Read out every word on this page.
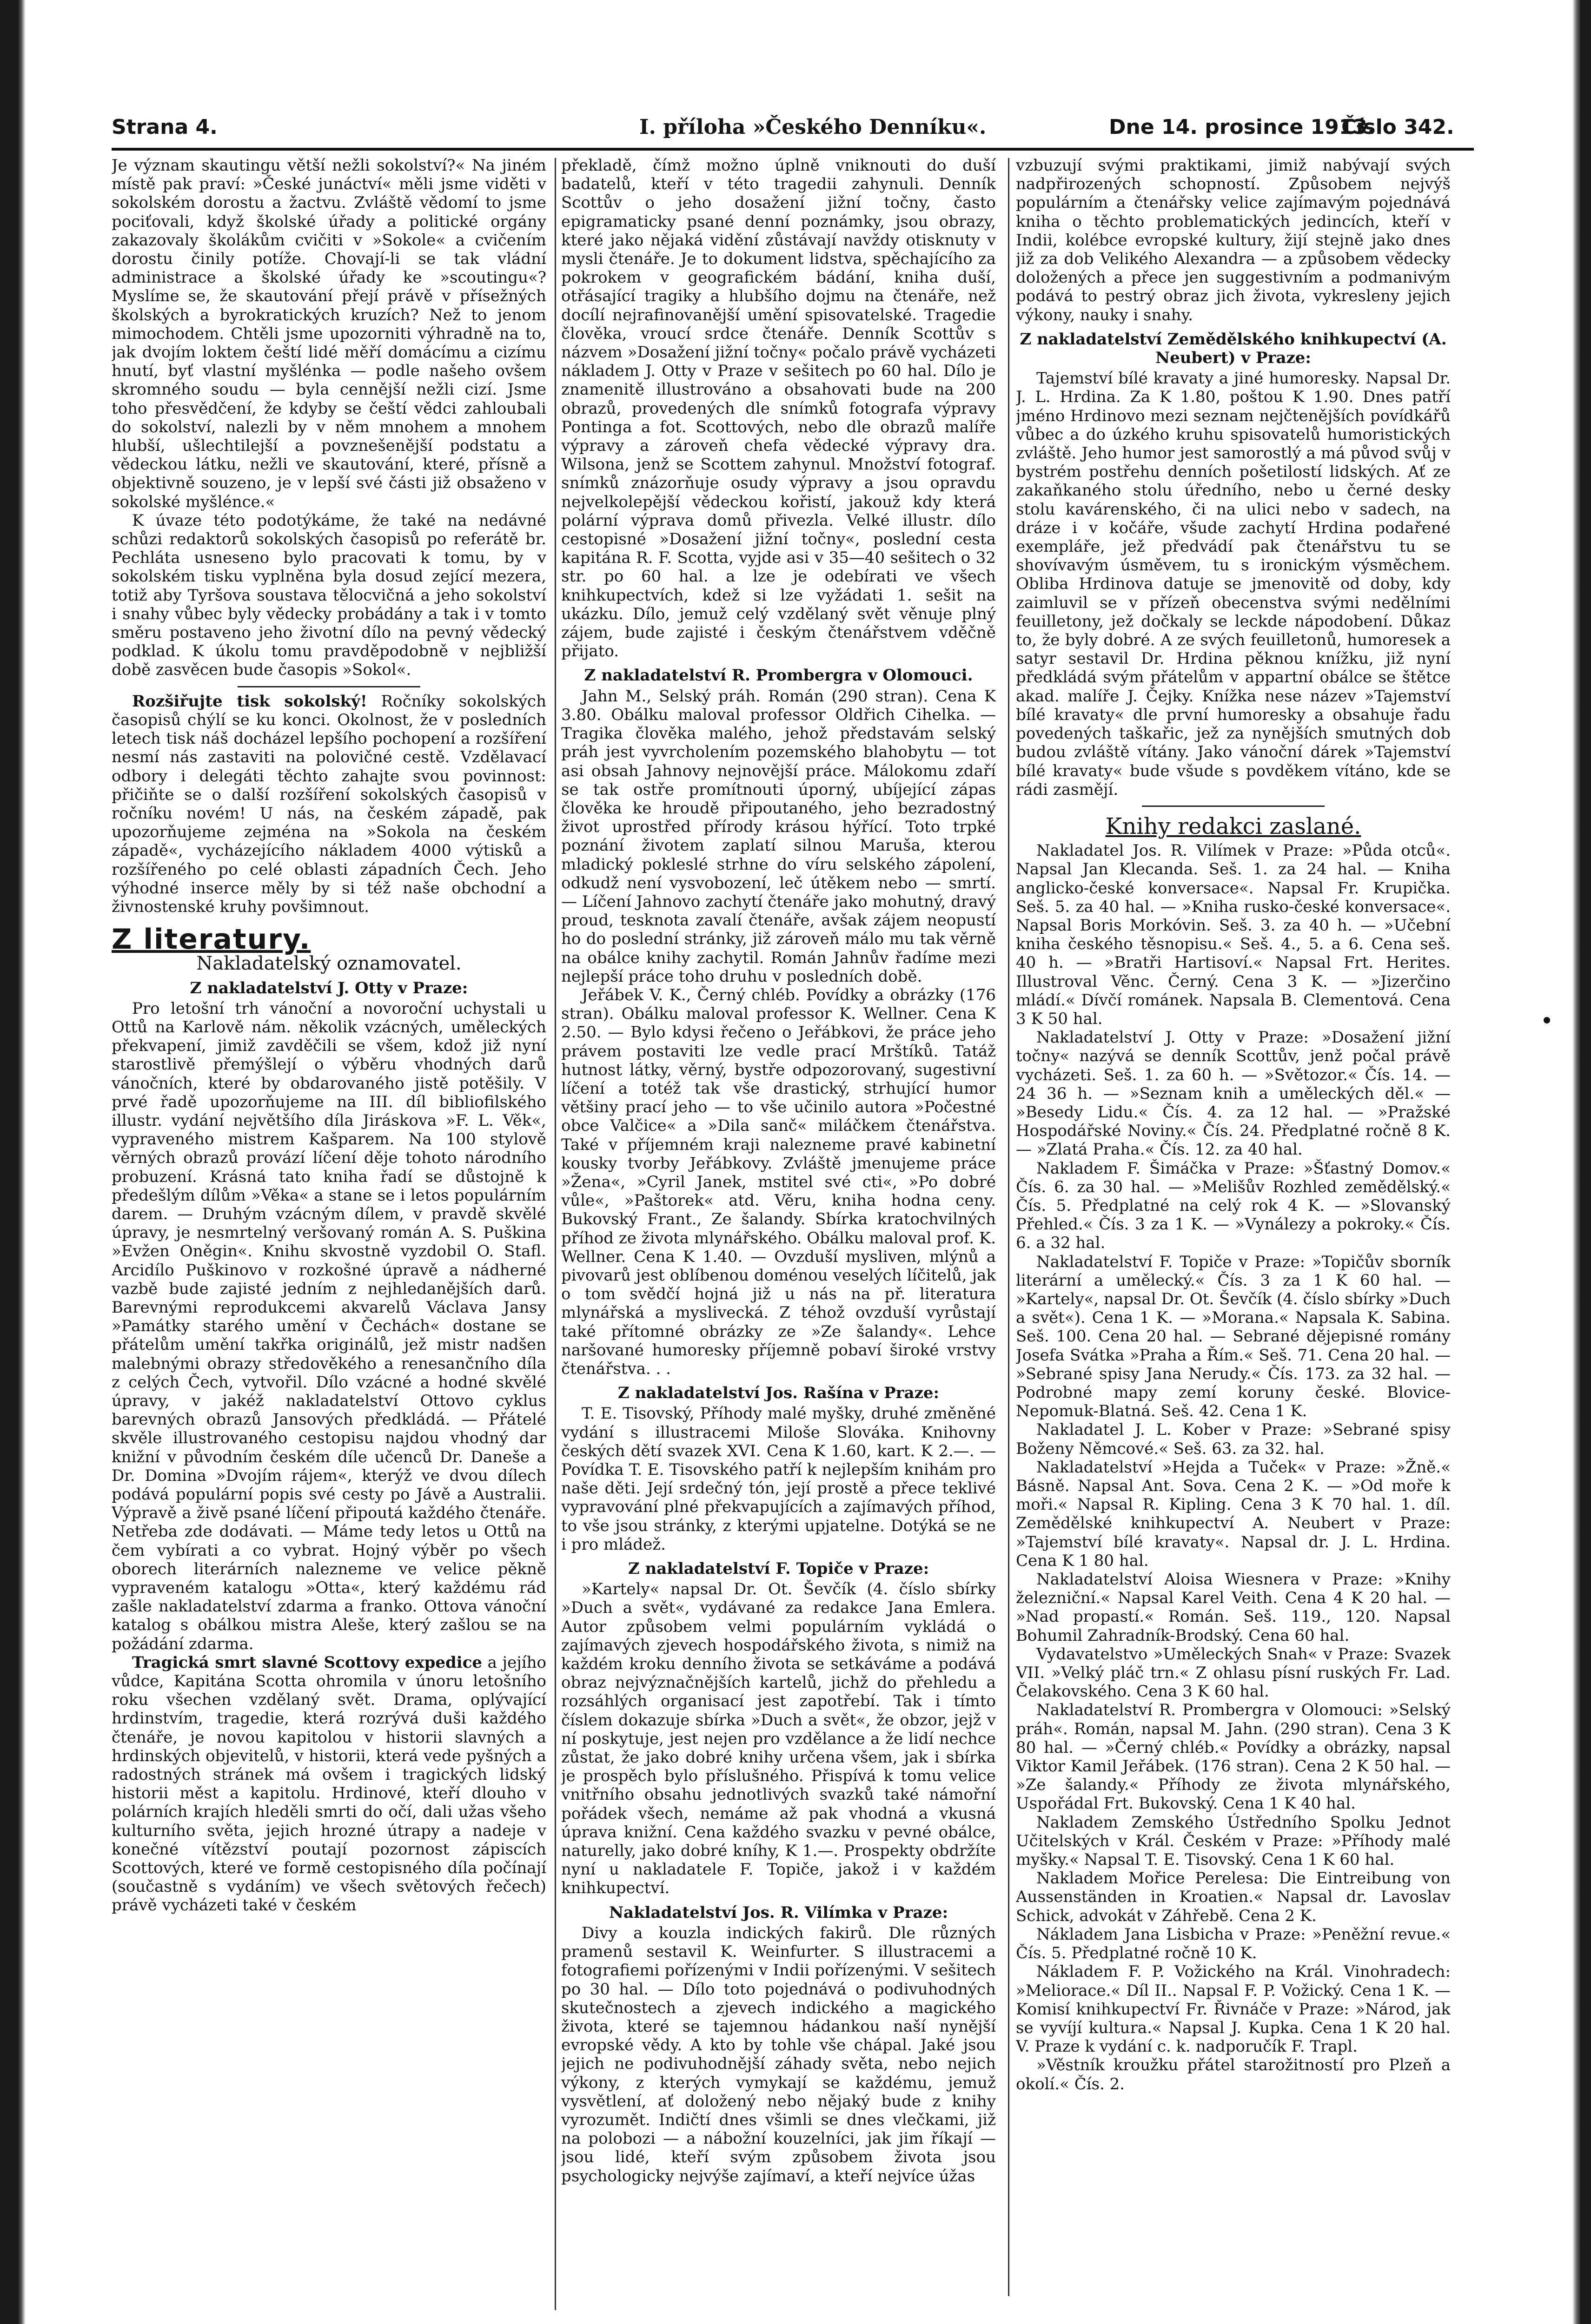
Strana 4.	I. příloha »Českého Denníku«.	Dne 14. prosince 1913.
Číslo 342.

Je význam skautingu větší nežli sokolství?« Na jiném místě pak praví: »České junáctví« měli jsme viděti v sokolském dorostu a žactvu. Zvláště vědomí to jsme pociťovali, když školské úřady a politické orgány zakazovaly školákům cvičiti v »Sokole« a cvičením dorostu činily potíže. Chovají-li se tak vládní administrace a školské úřady ke »scoutingu«? Myslíme se, že skautování přejí právě v přísežných školských a byrokratických kruzích? Než to jenom mimochodem. Chtěli jsme upozorniti výhradně na to, jak dvojím loktem čeští lidé měří domácímu a cizímu hnutí, byť vlastní myšlénka — podle našeho ovšem skromného soudu — byla cennější nežli cizí. Jsme toho přesvědčení, že kdyby se čeští vědci zahloubali do sokolství, nalezli by v něm mnohem a mnohem hlubší, ušlechtilejší a povznešenější podstatu a vědeckou látku, nežli ve skautování, které, přísně a objektivně souzeno, je v lepší své části již obsaženo v sokolské myšlénce.«

K úvaze této podotýkáme, že také na nedávné schůzi redaktorů sokolských časopisů po referátě br. Pechláta usneseno bylo pracovati k tomu, by v sokolském tisku vyplněna byla dosud zející mezera, totiž aby Tyršova soustava tělocvičná a jeho sokolství i snahy vůbec byly vědecky probádány a tak i v tomto směru postaveno jeho životní dílo na pevný vědecký podklad. K úkolu tomu pravděpodobně v nejbližší době zasvěcen bude časopis »Sokol«.

Rozšiřujte tisk sokolský! Ročníky sokolských časopisů chýlí se ku konci. Okolnost, že v posledních letech tisk náš docházel lepšího pochopení a rozšíření nesmí nás zastaviti na polovičné cestě. Vzdělavací odbory i delegáti těchto zahajte svou povinnost: přičiňte se o další rozšíření sokolských časopisů v ročníku novém! U nás, na českém západě, pak upozorňujeme zejména na »Sokola na českém západě«, vycházejícího nákladem 4000 výtisků a rozšířeného po celé oblasti západních Čech. Jeho výhodné inserce měly by si též naše obchodní a živnostenské kruhy povšimnout.

Z literatury.
Nakladatelský oznamovatel.
Z nakladatelství J. Otty v Praze:

Pro letošní trh vánoční a novoroční uchystali u Ottů na Karlově nám. několik vzácných, uměleckých překvapení, jimiž zavděčili se všem, kdož již nyní starostlivě přemýšlejí o výběru vhodných darů vánočních, které by obdarovaného jistě potěšily. V prvé řadě upozorňujeme na III. díl bibliofilského illustr. vydání největšího díla Jiráskova »F. L. Věk«, vypraveného mistrem Kašparem. Na 100 stylově věrných obrazů provází líčení děje tohoto národního probuzení. Krásná tato kniha řadí se důstojně k předešlým dílům »Věka« a stane se i letos populárním darem. — Druhým vzácným dílem, v pravdě skvělé úpravy, je nesmrtelný veršovaný román A. S. Puškina »Evžen Oněgin«. Knihu skvostně vyzdobil O. Stafl. Arcidílo Puškinovo v rozkošné úpravě a nádherné vazbě bude zajisté jedním z nejhledanějších darů. Barevnými reprodukcemi akvarelů Václava Jansy »Památky starého umění v Čechách« dostane se přátelům umění takřka originálů, jež mistr nadšen malebnými obrazy středověkého a renesančního díla z celých Čech, vytvořil. Dílo vzácné a hodné skvělé úpravy, v jakéž nakladatelství Ottovo cyklus barevných obrazů Jansových předkládá. — Přátelé skvěle illustrovaného cestopisu najdou vhodný dar knižní v původním českém díle učenců Dr. Daneše a Dr. Domina »Dvojím rájem«, kterýž ve dvou dílech podává populární popis své cesty po Jávě a Australii. Výpravě a živě psané líčení připoutá každého čtenáře. Netřeba zde dodávati. — Máme tedy letos u Ottů na čem vybírati a co vybrat. Hojný výběr po všech oborech literárních nalezneme ve velice pěkně vypraveném katalogu »Otta«, který každému rád zašle nakladatelství zdarma a franko. Ottova vánoční katalog s obálkou mistra Aleše, který zašlou se na požádání zdarma.

Tragická smrt slavné Scottovy expedice a jejího vůdce, Kapitána Scotta ohromila v únoru letošního roku všechen vzdělaný svět. Drama, oplývající hrdinstvím, tragedie, která rozrývá duši každého čtenáře, je novou kapitolou v historii slavných a hrdinských objevitelů, v historii, která vede pyšných a radostných stránek má ovšem i tragických lidský historii měst a kapitolu. Hrdinové, kteří dlouho v polárních krajích hleděli smrti do očí, dali užas všeho kulturního světa, jejich hrozné útrapy a nadeje v konečné vítězství poutají pozornost zápiscích Scottových, které ve formě cestopisného díla počínají (součastně s vydáním) ve všech světových řečech) právě vycházeti také v českém

překladě, čímž možno úplně vniknouti do duší badatelů, kteří v této tragedii zahynuli. Denník Scottův o jeho dosažení jižní točny, často epigramaticky psané denní poznámky, jsou obrazy, které jako nějaká vidění zůstávají navždy otisknuty v mysli čtenáře. Je to dokument lidstva, spěchajícího za pokrokem v geografickém bádání, kniha duší, otřásající tragiky a hlubšího dojmu na čtenáře, než docílí nejrafinovanější umění spisovatelské. Tragedie člověka, vroucí srdce čtenáře. Denník Scottův s názvem »Dosažení jižní točny« počalo právě vycházeti nákladem J. Otty v Praze v sešitech po 60 hal. Dílo je znamenitě illustrováno a obsahovati bude na 200 obrazů, provedených dle snímků fotografa výpravy Pontinga a fot. Scottových, nebo dle obrazů malíře výpravy a zároveň chefa vědecké výpravy dra. Wilsona, jenž se Scottem zahynul. Množství fotograf. snímků znázorňuje osudy výpravy a jsou opravdu nejvelkolepější vědeckou kořistí, jakouž kdy která polární výprava domů přivezla. Velké illustr. dílo cestopisné »Dosažení jižní točny«, poslední cesta kapitána R. F. Scotta, vyjde asi v 35—40 sešitech o 32 str. po 60 hal. a lze je odebírati ve všech knihkupectvích, kdež si lze vyžádati 1. sešit na ukázku. Dílo, jemuž celý vzdělaný svět věnuje plný zájem, bude zajisté i českým čtenářstvem vděčně přijato.

Z nakladatelství R. Prombergra v Olomouci.

Jahn M., Selský práh. Román (290 stran). Cena K 3.80. Obálku maloval professor Oldřich Cihelka. — Tragika člověka malého, jehož představám selský práh jest vyvrcholením pozemského blahobytu — tot asi obsah Jahnovy nejnovější práce. Málokomu zdaří se tak ostře promítnouti úporný, ubíjející zápas člověka ke hroudě připoutaného, jeho bezradostný život uprostřed přírody krásou hýřící. Toto trpké poznání životem zaplatí silnou Maruša, kterou mladický pokleslé strhne do víru selského zápolení, odkudž není vysvobození, leč útěkem nebo — smrtí. — Líčení Jahnovo zachytí čtenáře jako mohutný, dravý proud, tesknota zavalí čtenáře, avšak zájem neopustí ho do poslední stránky, již zároveň málo mu tak věrně na obálce knihy zachytil. Román Jahnův řadíme mezi nejlepší práce toho druhu v posledních době.

Jeřábek V. K., Černý chléb. Povídky a obrázky (176 stran). Obálku maloval professor K. Wellner. Cena K 2.50. — Bylo kdysi řečeno o Jeřábkovi, že práce jeho právem postaviti lze vedle prací Mrštíků. Tatáž hutnost látky, věrný, bystře odpozorovaný, sugestivní líčení a totéž tak vše drastický, strhující humor většiny prací jeho — to vše učinilo autora »Počestné obce Valčice« a »Dila sanč« miláčkem čtenářstva. Také v příjemném kraji nalezneme pravé kabinetní kousky tvorby Jeřábkovy. Zvláště jmenujeme práce »Žena«, »Cyril Janek, mstitel své cti«, »Po dobré vůle«, »Paštorek« atd. Věru, kniha hodna ceny. Bukovský Frant., Ze šalandy. Sbírka kratochvilných příhod ze života mlynářského. Obálku maloval prof. K. Wellner. Cena K 1.40. — Ovzduší mysliven, mlýnů a pivovarů jest oblíbenou doménou veselých líčitelů, jak o tom svědčí hojná již u nás na př. literatura mlynářská a myslivecká. Z téhož ovzduší vyrůstají také přítomné obrázky ze »Ze šalandy«. Lehce naršované humoresky příjemně pobaví široké vrstvy čtenářstva. . .

Z nakladatelství Jos. Rašína v Praze:

T. E. Tisovský, Příhody malé myšky, druhé změněné vydání s illustracemi Miloše Slováka. Knihovny českých dětí svazek XVI. Cena K 1.60, kart. K 2.—. — Povídka T. E. Tisovského patří k nejlepším knihám pro naše děti. Její srdečný tón, její prostě a přece teklivé vypravování plné překvapujících a zajímavých příhod, to vše jsou stránky, z kterými upjatelne. Dotýká se ne i pro mládež.

Z nakladatelství F. Topiče v Praze:

»Kartely« napsal Dr. Ot. Ševčík (4. číslo sbírky »Duch a svět«, vydávané za redakce Jana Emlera. Autor způsobem velmi populárním vykládá o zajímavých zjevech hospodářského života, s nimiž na každém kroku denního života se setkáváme a podává obraz nejvýznačnějších kartelů, jichž do přehledu a rozsáhlých organisací jest zapotřebí. Tak i tímto číslem dokazuje sbírka »Duch a svět«, že obzor, jejž v ní poskytuje, jest nejen pro vzdělance a že lidí nechce zůstat, že jako dobré knihy určena všem, jak i sbírka je prospěch bylo příslušného. Přispívá k tomu velice vnitřního obsahu jednotlivých svazků také námořní pořádek všech, nemáme až pak vhodná a vkusná úprava knižní. Cena každého svazku v pevné obálce, naturelly, jako dobré kníhy, K 1.—. Prospekty obdržíte nyní u nakladatele F. Topiče, jakož i v každém knihkupectví.

Nakladatelství Jos. R. Vilímka v Praze:

Divy a kouzla indických fakirů. Dle různých pramenů sestavil K. Weinfurter. S illustracemi a fotografiemi pořízenými v Indii pořízenými. V sešitech po 30 hal. — Dílo toto pojednává o podivuhodných skutečnostech a zjevech indického a magického života, které se tajemnou hádankou naší nynější evropské vědy. A kto by tohle vše chápal. Jaké jsou jejich ne podivuhodnější záhady světa, nebo nejich výkony, z kterých vymykají se každému, jemuž vysvětlení, ať doložený nebo nějaký bude z knihy vyrozumět. Indičtí dnes všimli se dnes vlečkami, již na polobozi — a nábožní kouzelníci, jak jim říkají — jsou lidé, kteří svým způsobem života jsou psychologicky nejvýše zajímaví, a kteří nejvíce úžas

vzbuzují svými praktikami, jimiž nabývají svých nadpřirozených schopností. Způsobem nejvýš populárním a čtenářsky velice zajímavým pojednává kniha o těchto problematických jedincích, kteří v Indii, kolébce evropské kultury, žijí stejně jako dnes již za dob Velikého Alexandra — a způsobem vědecky doložených a přece jen suggestivním a podmanivým podává to pestrý obraz jich života, vykresleny jejich výkony, nauky i snahy.

Z nakladatelství Zemědělského knihkupectví (A. Neubert) v Praze:

Tajemství bílé kravaty a jiné humoresky. Napsal Dr. J. L. Hrdina. Za K 1.80, poštou K 1.90. Dnes patří jméno Hrdinovo mezi seznam nejčtenějších povídkářů vůbec a do úzkého kruhu spisovatelů humoristických zvláště. Jeho humor jest samorostlý a má původ svůj v bystrém postřehu denních pošetilostí lidských. Ať ze zakaňkaného stolu úředního, nebo u černé desky stolu kavárenského, či na ulici nebo v sadech, na dráze i v kočáře, všude zachytí Hrdina podařené exempláře, jež předvádí pak čtenářstvu tu se shovívavým úsměvem, tu s ironickým výsměchem. Obliba Hrdinova datuje se jmenovitě od doby, kdy zaimluvil se v přízeň obecenstva svými nedělními feuilletony, jež dočkaly se leckde nápodobení. Důkaz to, že byly dobré. A ze svých feuilletonů, humoresek a satyr sestavil Dr. Hrdina pěknou knížku, již nyní předkládá svým přátelům v appartní obálce se štětce akad. malíře J. Čejky. Knížka nese název »Tajemství bílé kravaty« dle první humoresky a obsahuje řadu povedených taškařic, jež za nynějších smutných dob budou zvláště vítány. Jako vánoční dárek »Tajemství bílé kravaty« bude všude s povděkem vítáno, kde se rádi zasmějí.

Knihy redakci zaslané.

Nakladatel Jos. R. Vilímek v Praze: »Půda otců«. Napsal Jan Klecanda. Seš. 1. za 24 hal. — Kniha anglicko-české konversace«. Napsal Fr. Krupička. Seš. 5. za 40 hal. — »Kniha rusko-české konversace«. Napsal Boris Morkóvin. Seš. 3. za 40 h. — »Učební kniha českého těsnopisu.« Seš. 4., 5. a 6. Cena seš. 40 h. — »Bratři Hartisoví.« Napsal Frt. Herites. Illustroval Věnc. Černý. Cena 3 K. — »Jizerčino mládí.« Dívčí románek. Napsala B. Clementová. Cena 3 K 50 hal.

Nakladatelství J. Otty v Praze: »Dosažení jižní točny« nazývá se denník Scottův, jenž počal právě vycházeti. Seš. 1. za 60 h. — »Světozor.« Čís. 14. — 24 36 h. — »Seznam knih a uměleckých děl.« — »Besedy Lidu.« Čís. 4. za 12 hal. — »Pražské Hospodářské Noviny.« Čís. 24. Předplatné ročně 8 K. — »Zlatá Praha.« Čís. 12. za 40 hal.

Nakladem F. Šimáčka v Praze: »Šťastný Domov.« Čís. 6. za 30 hal. — »Melišův Rozhled zemědělský.« Čís. 5. Předplatné na celý rok 4 K. — »Slovanský Přehled.« Čís. 3 za 1 K. — »Vynálezy a pokroky.« Čís. 6. a 32 hal.

Nakladatelství F. Topiče v Praze: »Topičův sborník literární a umělecký.« Čís. 3 za 1 K 60 hal. — »Kartely«, napsal Dr. Ot. Ševčík (4. číslo sbírky »Duch a svět«). Cena 1 K. — »Morana.« Napsala K. Sabina. Seš. 100. Cena 20 hal. — Sebrané dějepisné romány Josefa Svátka »Praha a Řím.« Seš. 71. Cena 20 hal. — »Sebrané spisy Jana Nerudy.« Čís. 173. za 32 hal. — Podrobné mapy zemí koruny české. Blovice-Nepomuk-Blatná. Seš. 42. Cena 1 K.

Nakladatel J. L. Kober v Praze: »Sebrané spisy Boženy Němcové.« Seš. 63. za 32. hal.

Nakladatelství »Hejda a Tuček« v Praze: »Žně.« Básně. Napsal Ant. Sova. Cena 2 K. — »Od moře k moři.« Napsal R. Kipling. Cena 3 K 70 hal. 1. díl. Zemědělské knihkupectví A. Neubert v Praze: »Tajemství bílé kravaty«. Napsal dr. J. L. Hrdina. Cena K 1 80 hal.

Nakladatelství Aloisa Wiesnera v Praze: »Knihy železniční.« Napsal Karel Veith. Cena 4 K 20 hal. — »Nad propastí.« Román. Seš. 119., 120. Napsal Bohumil Zahradník-Brodský. Cena 60 hal.

Vydavatelstvo »Uměleckých Snah« v Praze: Svazek VII. »Velký pláč trn.« Z ohlasu písní ruských Fr. Lad. Čelakovského. Cena 3 K 60 hal.

Nakladatelství R. Prombergra v Olomouci: »Selský práh«. Román, napsal M. Jahn. (290 stran). Cena 3 K 80 hal. — »Černý chléb.« Povídky a obrázky, napsal Viktor Kamil Jeřábek. (176 stran). Cena 2 K 50 hal. — »Ze šalandy.« Příhody ze života mlynářského, Uspořádal Frt. Bukovský. Cena 1 K 40 hal.

Nakladem Zemského Ústředního Spolku Jednot Učitelských v Král. Českém v Praze: »Příhody malé myšky.« Napsal T. E. Tisovský. Cena 1 K 60 hal.

Nakladem Mořice Perelesa: Die Eintreibung von Aussenständen in Kroatien.« Napsal dr. Lavoslav Schick, advokát v Záhřebě. Cena 2 K.

Nákladem Jana Lisbicha v Praze: »Peněžní revue.« Čís. 5. Předplatné ročně 10 K.

Nákladem F. P. Vožického na Král. Vinohradech: »Meliorace.« Díl II.. Napsal F. P. Vožický. Cena 1 K. — Komisí knihkupectví Fr. Řivnáče v Praze: »Národ, jak se vyvíjí kultura.« Napsal J. Kupka. Cena 1 K 20 hal. V. Praze k vydání c. k. nadporučík F. Trapl.

»Věstník kroužku přátel starožitností pro Plzeň a okolí.« Čís. 2.
